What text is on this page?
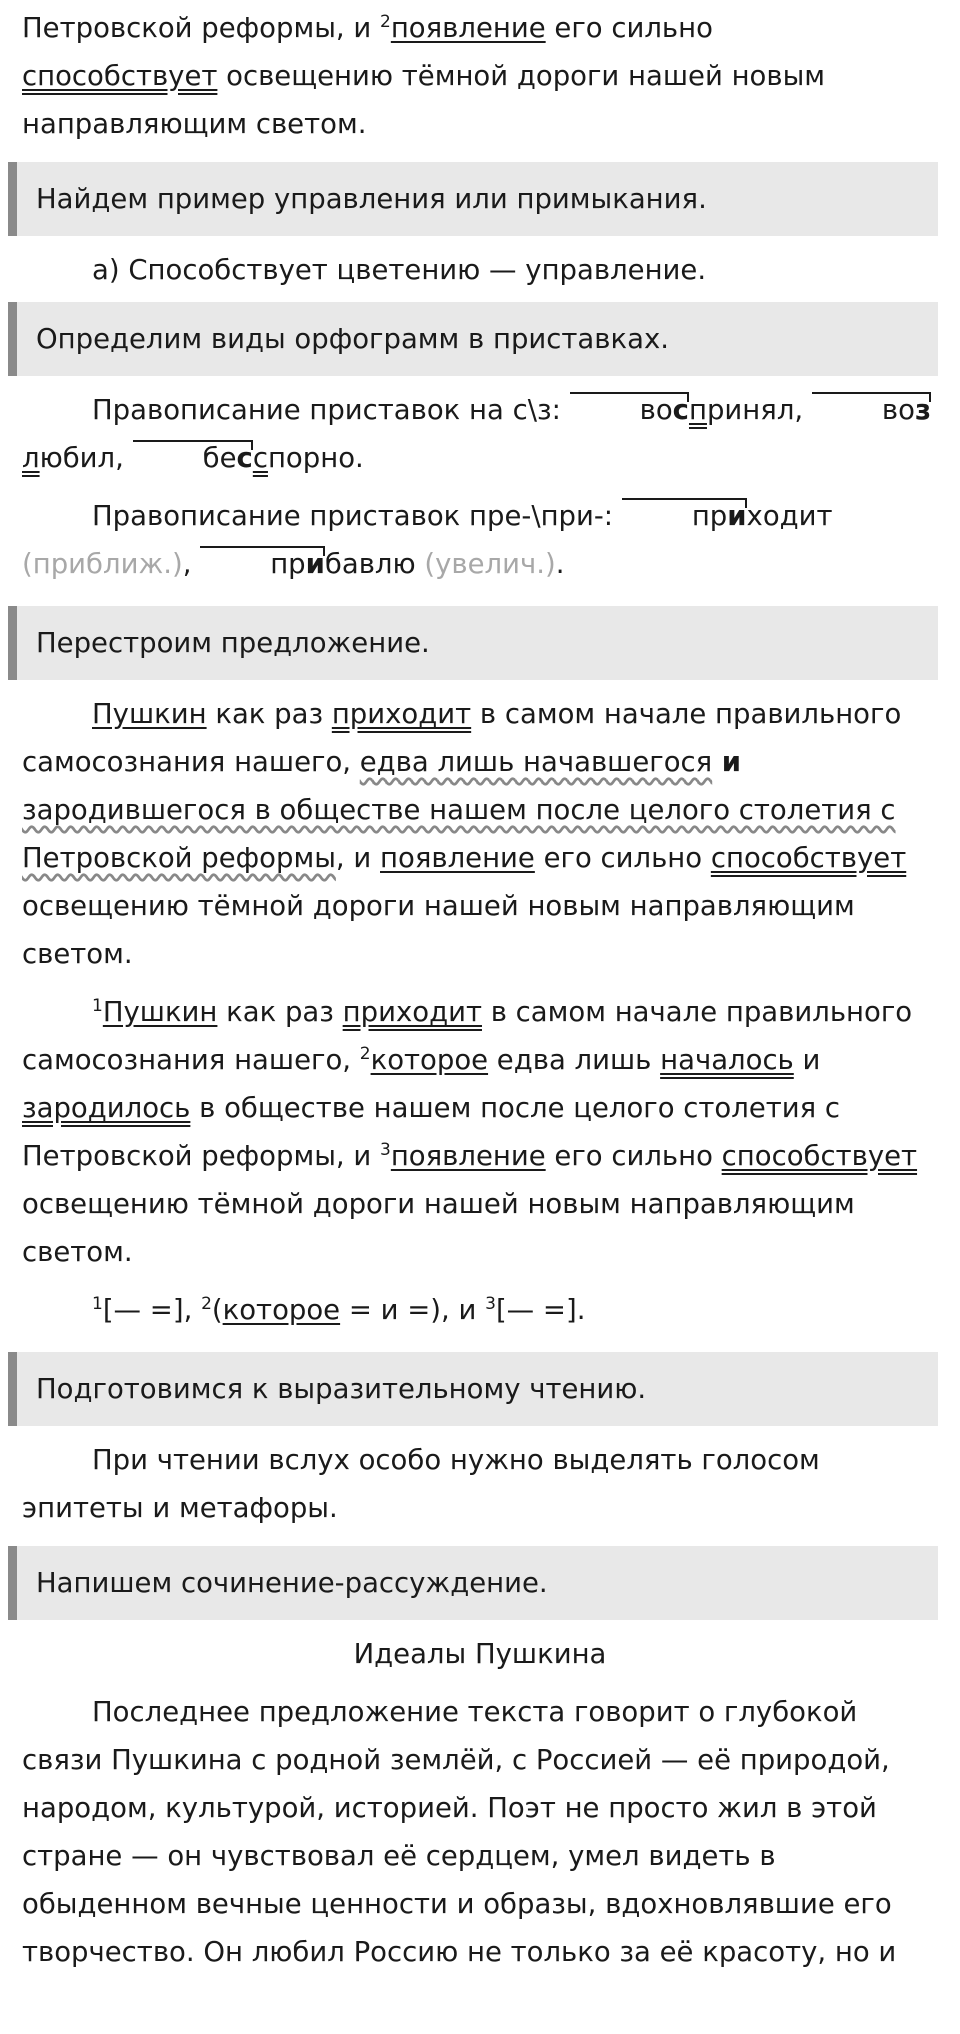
Петровской реформы, и $^2$появление его сильно
способствует освещению тёмной дороги нашей новым направляющим светом.

Найдем пример управления или примыкания.

а) Способствует цветению — управление.

Определим виды орфограмм в приставках.

Правописание приставок на с\з:	воспринял,	возлюбил,	бесспорно.

Правописание приставок пре-\при-:	приходит (приближ.),	прибавлю (увелич.).

Перестроим предложение.

Пушкин как раз приходит в самом начале правильного самосознания нашего, едва лишь начавшегося и зародившегося в обществе нашем после целого столетия с Петровской реформы, и появление его сильно способствует освещению тёмной дороги нашей новым направляющим светом.

$^1$Пушкин как раз приходит в самом начале правильного самосознания нашего, $^2$которое едва лишь началось и зародилось в обществе нашем после целого столетия с Петровской реформы, и $^3$появление его сильно способствует освещению тёмной дороги нашей новым направляющим светом.

$^1$[— =], $^2$(которое = и =), и $^3$[— =].

Подготовимся к выразительному чтению.

При чтении вслух особо нужно выделять голосом эпитеты и метафоры.

Напишем сочинение-рассуждение.

Идеалы Пушкина

Последнее предложение текста говорит о глубокой связи Пушкина с родной землёй, с Россией — её природой, народом, культурой, историей. Поэт не просто жил в этой стране — он чувствовал её сердцем, умел видеть в обыденном вечные ценности и образы, вдохновлявшие его творчество. Он любил Россию не только за её красоту, но и
